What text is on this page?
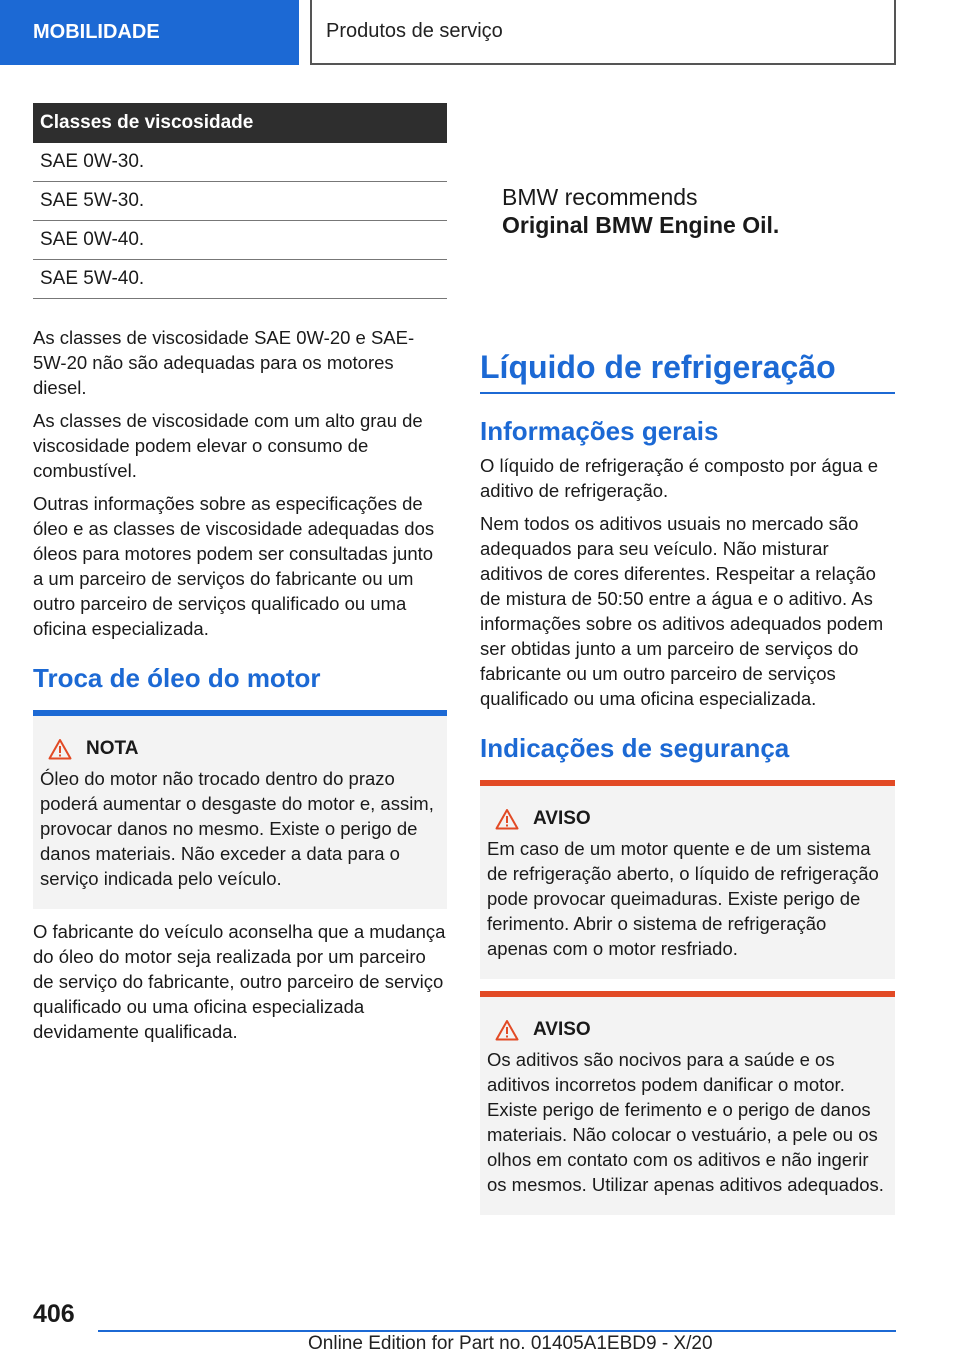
MOBILIDADE	Produtos de serviço
Classes de viscosidade
SAE 0W-30.
SAE 5W-30.
SAE 0W-40.
SAE 5W-40.

As classes de viscosidade SAE 0W-20 e SAE-5W-20 não são adequadas para os motores diesel.

As classes de viscosidade com um alto grau de viscosidade podem elevar o consumo de combustível.

Outras informações sobre as especificações de óleo e as classes de viscosidade adequadas dos óleos para motores podem ser consultadas junto a um parceiro de serviços do fabricante ou um outro parceiro de serviços qualificado ou uma oficina especializada.

Troca de óleo do motor
NOTA

Óleo do motor não trocado dentro do prazo poderá aumentar o desgaste do motor e, assim, provocar danos no mesmo. Existe o perigo de danos materiais. Não exceder a data para o serviço indicada pelo veículo.

O fabricante do veículo aconselha que a mudança do óleo do motor seja realizada por um parceiro de serviço do fabricante, outro parceiro de serviço qualificado ou uma oficina especializada devidamente qualificada.

BMW recommends
Original BMW Engine Oil.
Líquido de refrigeração
Informações gerais

O líquido de refrigeração é composto por água e aditivo de refrigeração.

Nem todos os aditivos usuais no mercado são adequados para seu veículo. Não misturar aditivos de cores diferentes. Respeitar a relação de mistura de 50:50 entre a água e o aditivo. As informações sobre os aditivos adequados podem ser obtidas junto a um parceiro de serviços do fabricante ou um outro parceiro de serviços qualificado ou uma oficina especializada.

Indicações de segurança
AVISO

Em caso de um motor quente e de um sistema de refrigeração aberto, o líquido de refrigeração pode provocar queimaduras. Existe perigo de ferimento. Abrir o sistema de refrigeração apenas com o motor resfriado.

AVISO

Os aditivos são nocivos para a saúde e os aditivos incorretos podem danificar o motor. Existe perigo de ferimento e o perigo de danos materiais. Não colocar o vestuário, a pele ou os olhos em contato com os aditivos e não ingerir os mesmos. Utilizar apenas aditivos adequados.

406
Online Edition for Part no. 01405A1EBD9 - X/20
